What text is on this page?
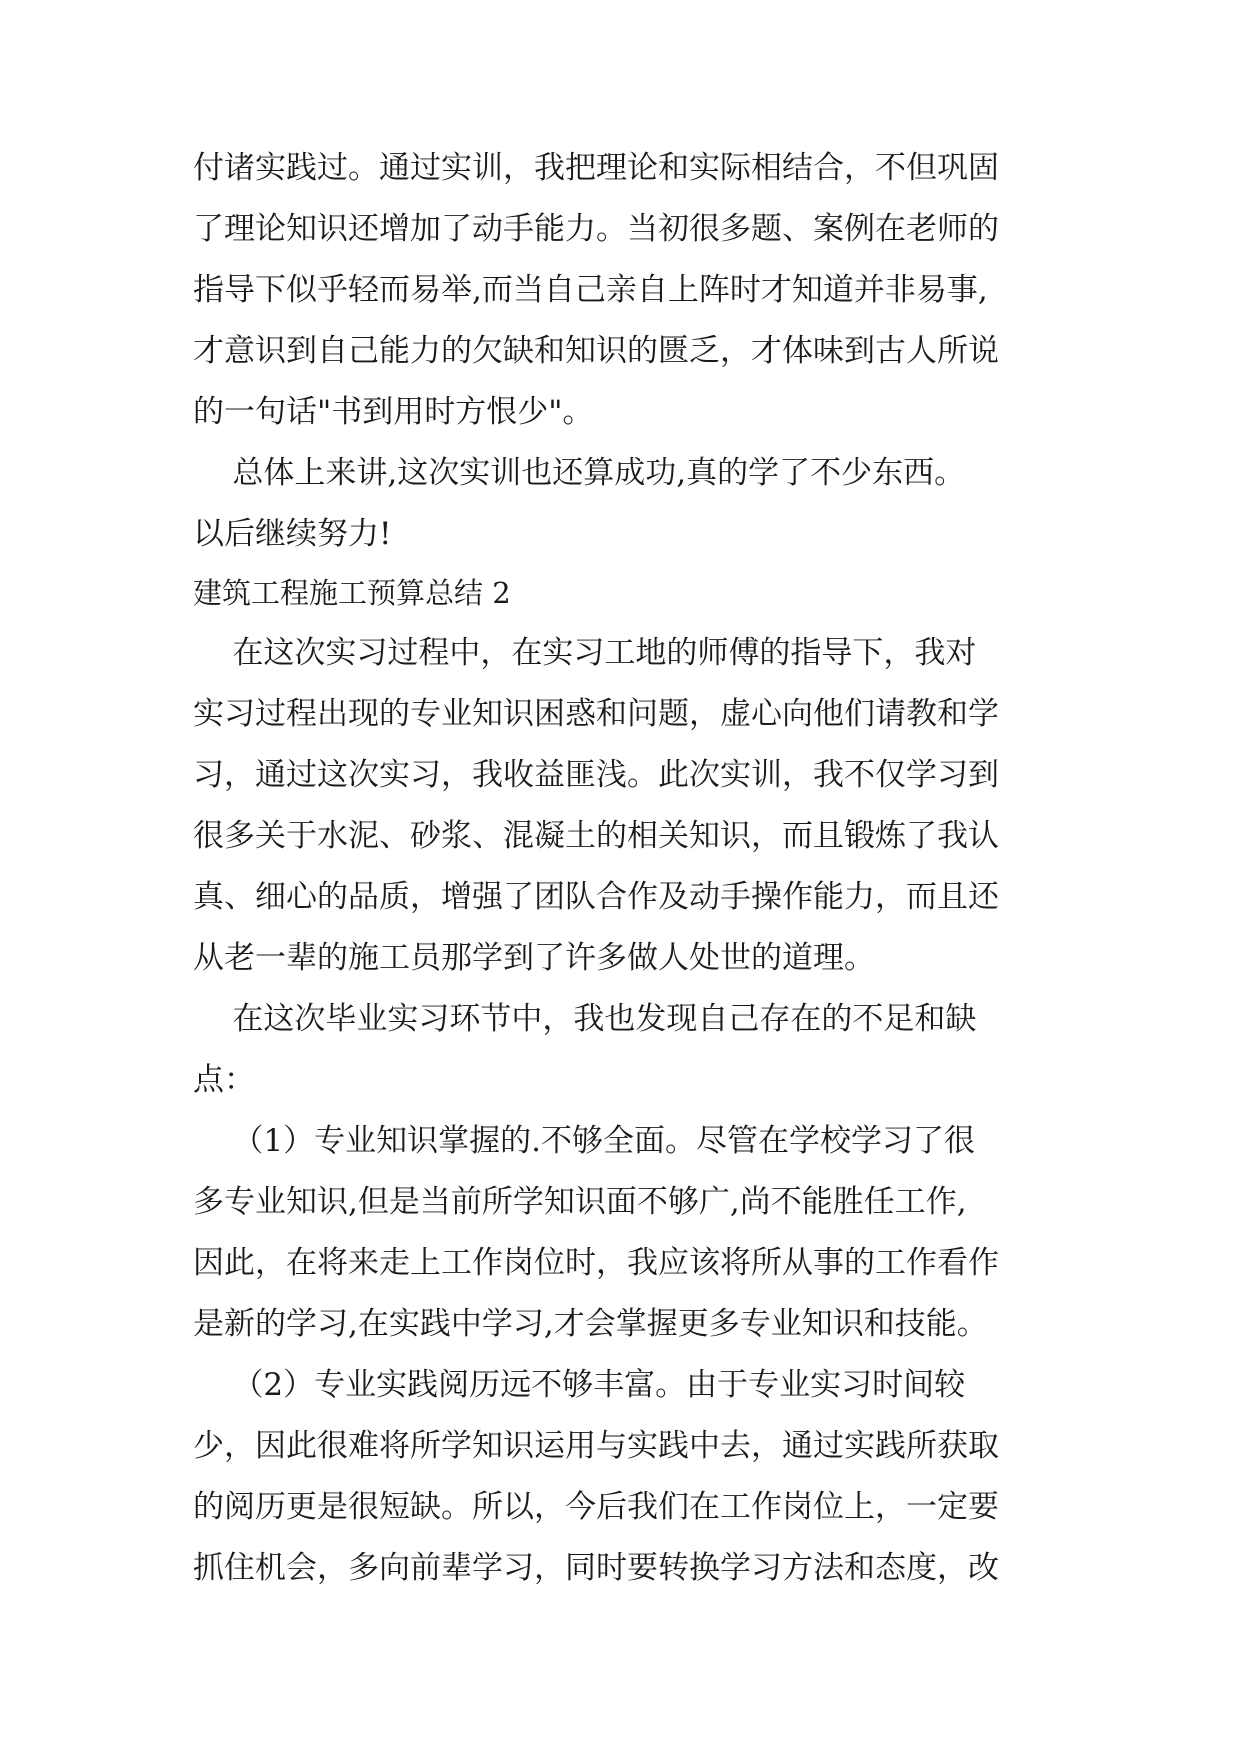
付诸实践过。通过实训，我把理论和实际相结合，不但巩固

了理论知识还增加了动手能力。当初很多题、案例在老师的

指导下似乎轻而易举,而当自己亲自上阵时才知道并非易事,

才意识到自己能力的欠缺和知识的匮乏，才体味到古人所说

的一句话"书到用时方恨少"。

总体上来讲,这次实训也还算成功,真的学了不少东西。

以后继续努力!

建筑工程施工预算总结 2

在这次实习过程中，在实习工地的师傅的指导下，我对

实习过程出现的专业知识困惑和问题，虚心向他们请教和学

习，通过这次实习，我收益匪浅。此次实训，我不仅学习到

很多关于水泥、砂浆、混凝土的相关知识，而且锻炼了我认

真、细心的品质，增强了团队合作及动手操作能力，而且还

从老一辈的施工员那学到了许多做人处世的道理。

在这次毕业实习环节中，我也发现自己存在的不足和缺

点：

（1）专业知识掌握的.不够全面。尽管在学校学习了很

多专业知识,但是当前所学知识面不够广,尚不能胜任工作,

因此，在将来走上工作岗位时，我应该将所从事的工作看作

是新的学习,在实践中学习,才会掌握更多专业知识和技能。

（2）专业实践阅历远不够丰富。由于专业实习时间较

少，因此很难将所学知识运用与实践中去，通过实践所获取

的阅历更是很短缺。所以，今后我们在工作岗位上，一定要

抓住机会，多向前辈学习，同时要转换学习方法和态度，改
